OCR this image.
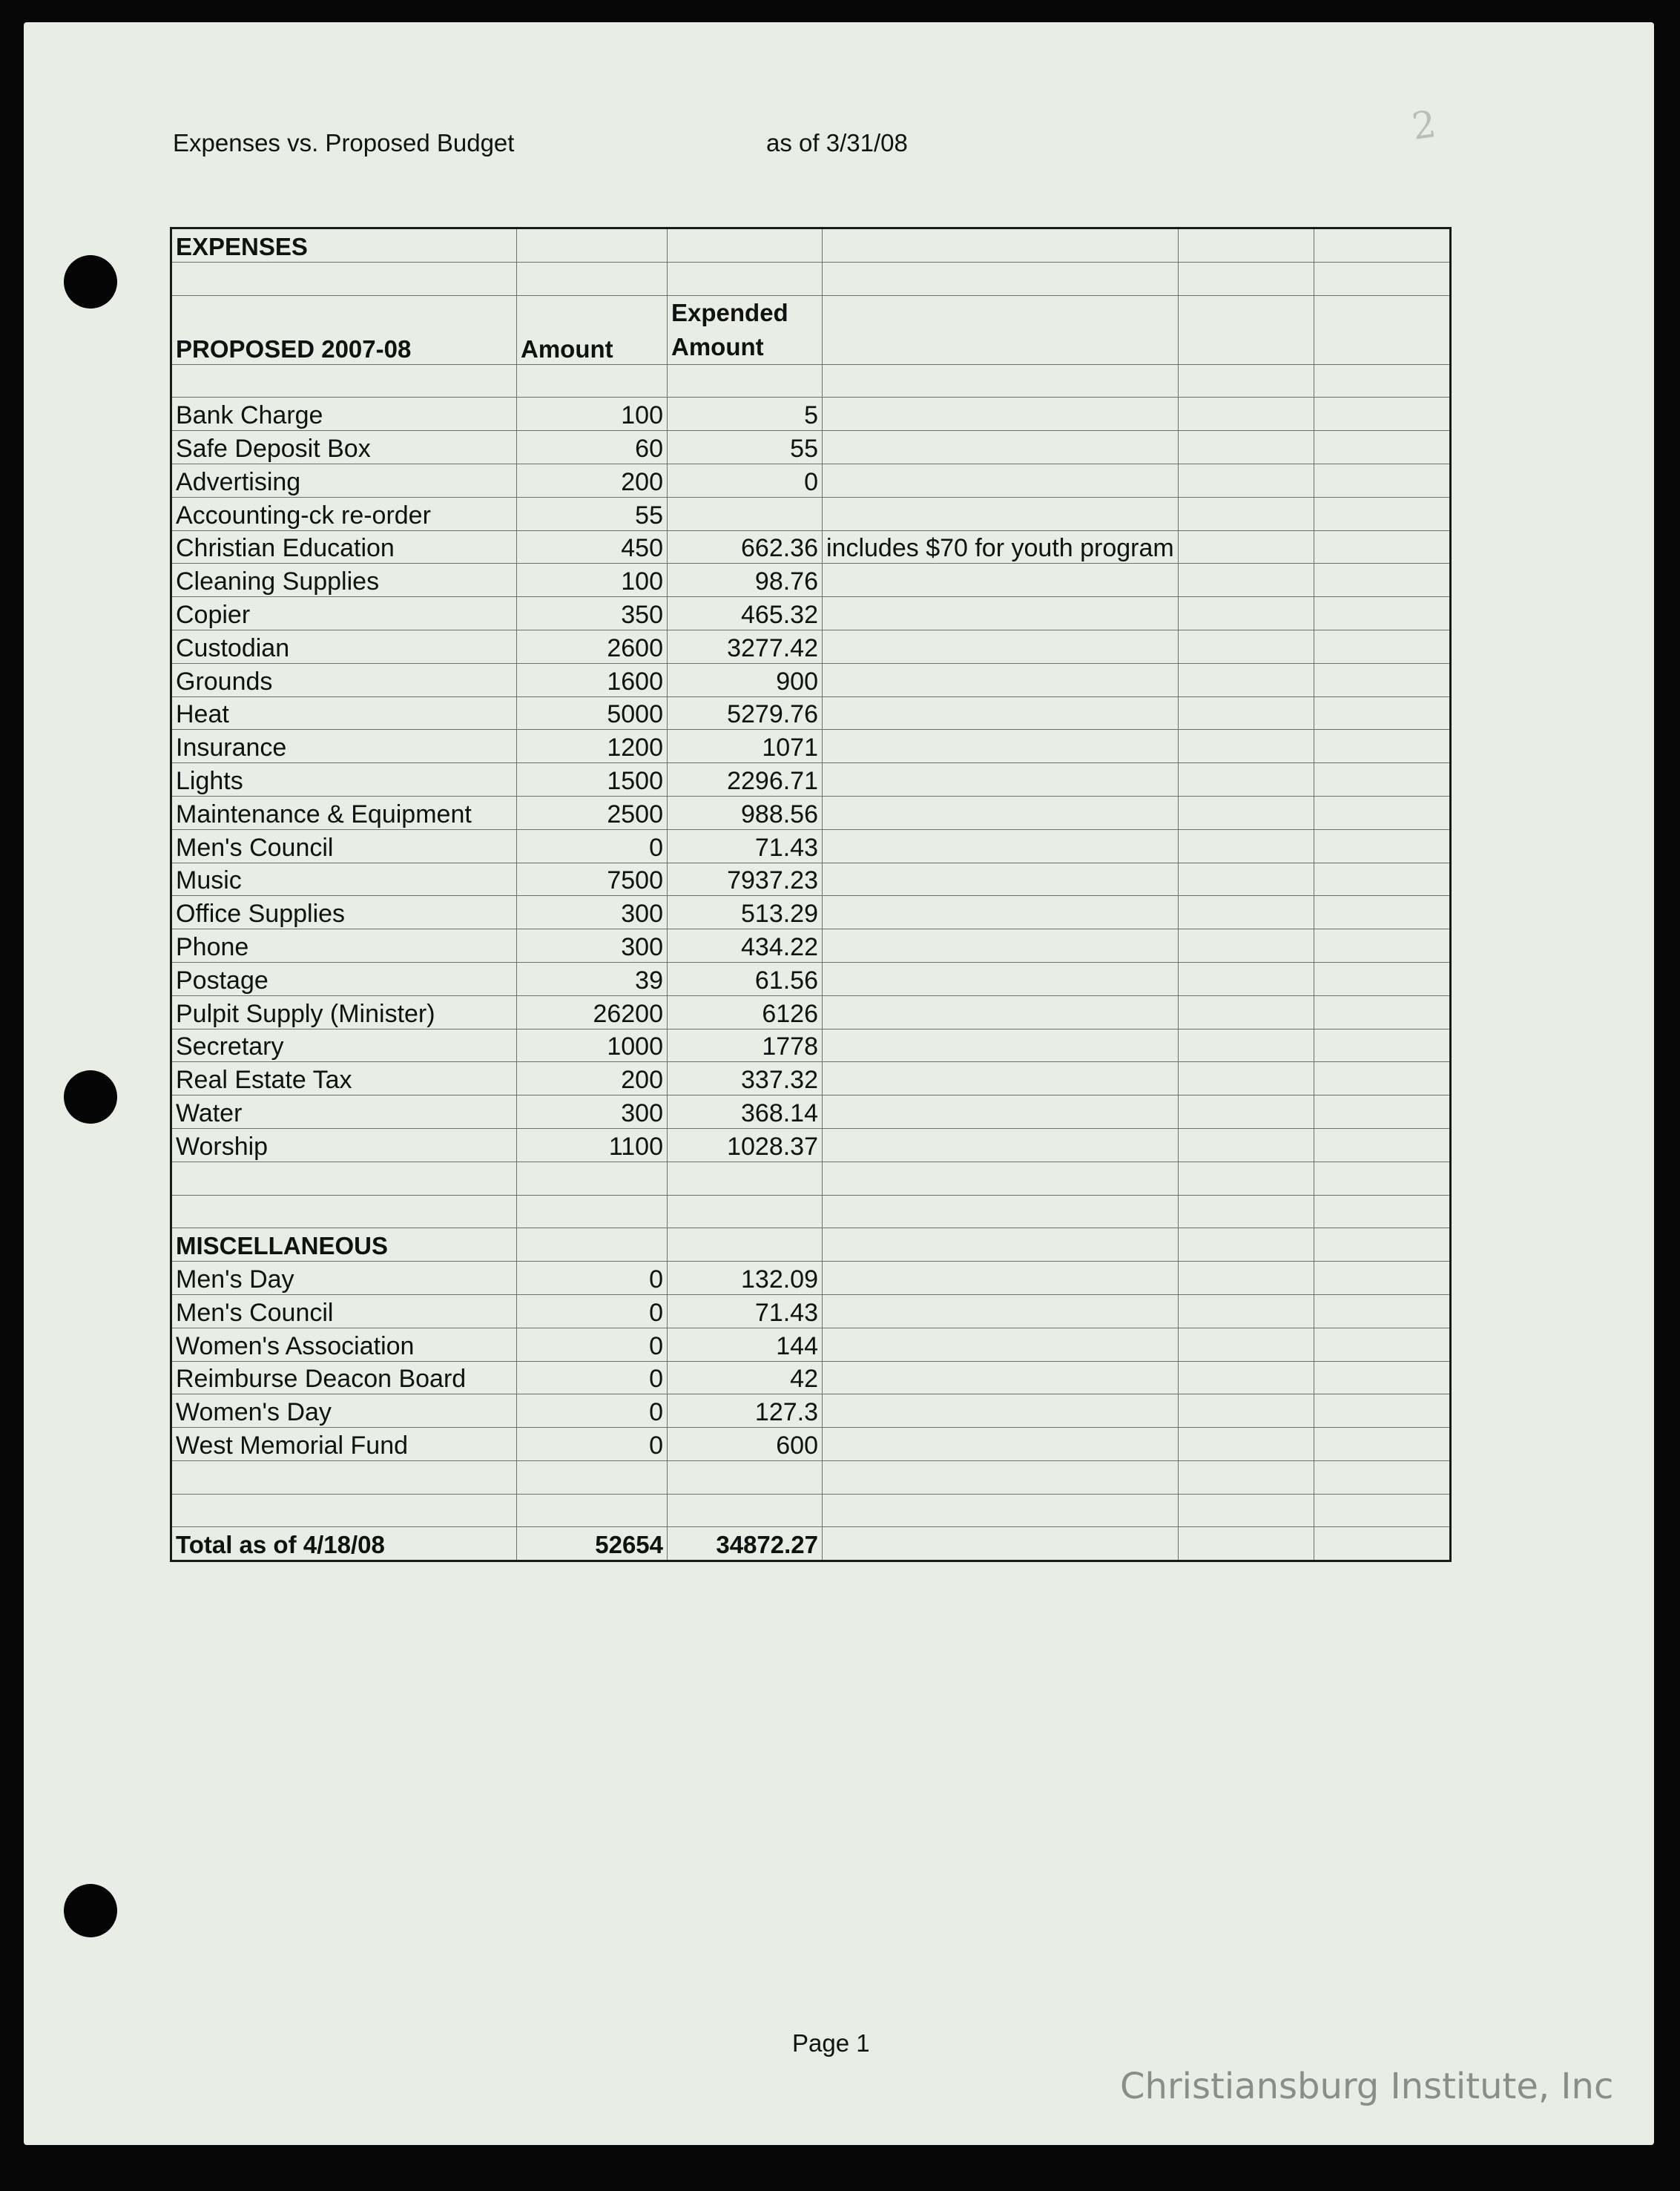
2
Expenses vs. Proposed Budget	as of 3/31/08
EXPENSES					

PROPOSED 2007-08	Amount	Expended
Amount			

Bank Charge	100	5			
Safe Deposit Box	60	55			
Advertising	200	0			
Accounting-ck re-order	55				
Christian Education	450	662.36	includes $70 for youth program		
Cleaning Supplies	100	98.76			
Copier	350	465.32			
Custodian	2600	3277.42			
Grounds	1600	900			
Heat	5000	5279.76			
Insurance	1200	1071			
Lights	1500	2296.71			
Maintenance & Equipment	2500	988.56			
Men's Council	0	71.43			
Music	7500	7937.23			
Office Supplies	300	513.29			
Phone	300	434.22			
Postage	39	61.56			
Pulpit Supply (Minister)	26200	6126			
Secretary	1000	1778			
Real Estate Tax	200	337.32			
Water	300	368.14			
Worship	1100	1028.37			

MISCELLANEOUS					
Men's Day	0	132.09			
Men's Council	0	71.43			
Women's Association	0	144			
Reimburse Deacon Board	0	42			
Women's Day	0	127.3			
West Memorial Fund	0	600			

Total as of 4/18/08	52654	34872.27			
Page 1
Christiansburg Institute, Inc
